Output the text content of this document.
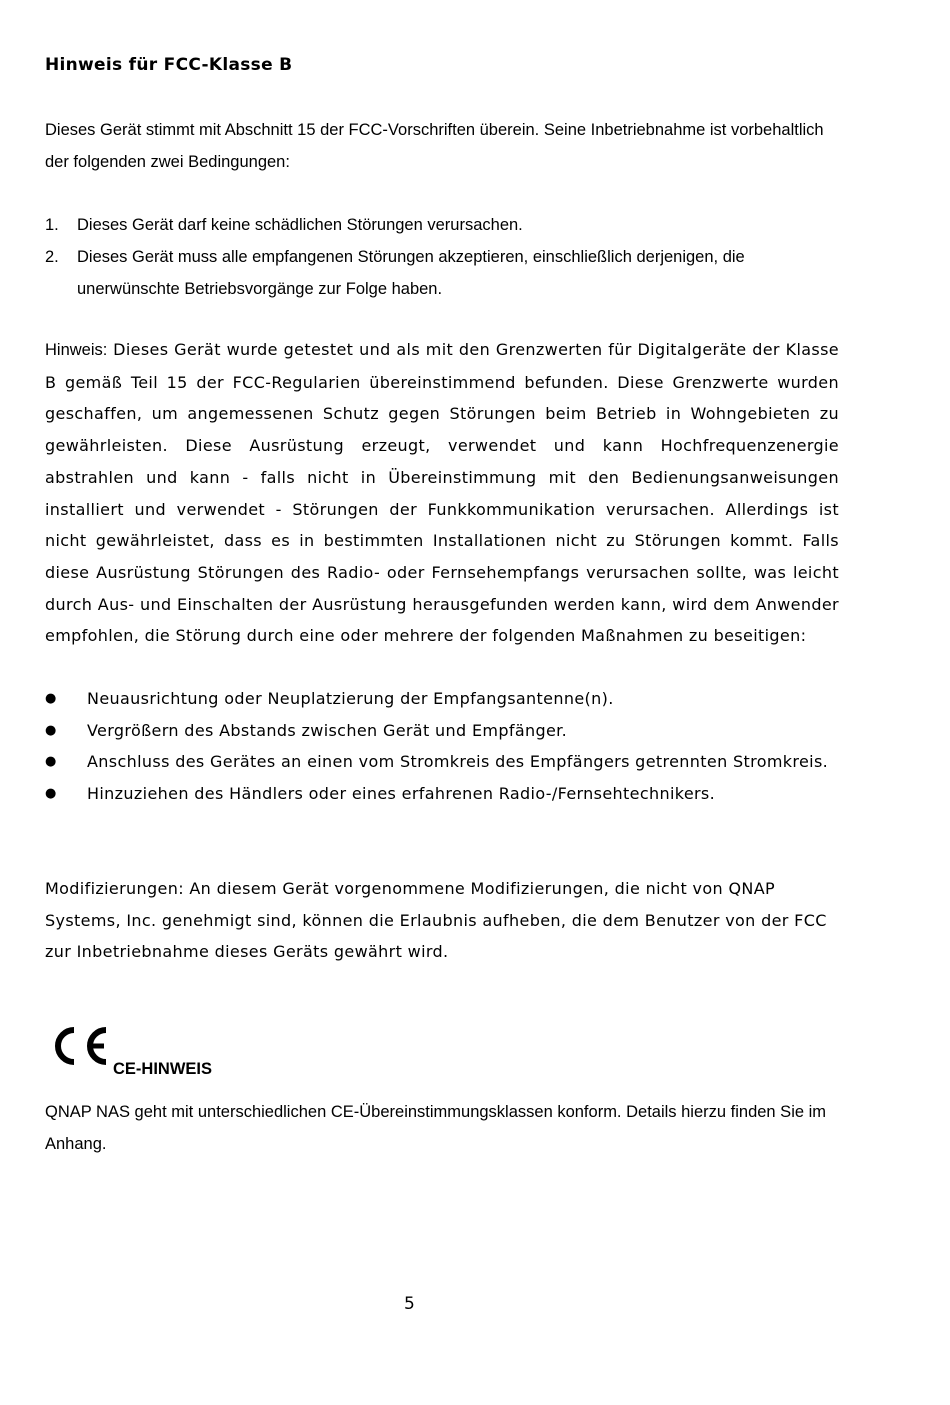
Hinweis für FCC-Klasse B

Dieses Gerät stimmt mit Abschnitt 15 der FCC-Vorschriften überein. Seine Inbetriebnahme ist vorbehaltlich der folgenden zwei Bedingungen:

1.	Dieses Gerät darf keine schädlichen Störungen verursachen.
2.	Dieses Gerät muss alle empfangenen Störungen akzeptieren, einschließlich derjenigen, die unerwünschte Betriebsvorgänge zur Folge haben.

Hinweis: Dieses Gerät wurde getestet und als mit den Grenzwerten für Digitalgeräte der Klasse B gemäß Teil 15 der FCC-Regularien übereinstimmend befunden. Diese Grenzwerte wurden geschaffen, um angemessenen Schutz gegen Störungen beim Betrieb in Wohngebieten zu gewährleisten. Diese Ausrüstung erzeugt, verwendet und kann Hochfrequenzenergie abstrahlen und kann - falls nicht in Übereinstimmung mit den Bedienungsanweisungen installiert und verwendet - Störungen der Funkkommunikation verursachen. Allerdings ist nicht gewährleistet, dass es in bestimmten Installationen nicht zu Störungen kommt. Falls diese Ausrüstung Störungen des Radio- oder Fernsehempfangs verursachen sollte, was leicht durch Aus- und Einschalten der Ausrüstung herausgefunden werden kann, wird dem Anwender empfohlen, die Störung durch eine oder mehrere der folgenden Maßnahmen zu beseitigen:

●	Neuausrichtung oder Neuplatzierung der Empfangsantenne(n).
●	Vergrößern des Abstands zwischen Gerät und Empfänger.
●	Anschluss des Gerätes an einen vom Stromkreis des Empfängers getrennten Stromkreis.
●	Hinzuziehen des Händlers oder eines erfahrenen Radio-/Fernsehtechnikers.

Modifizierungen: An diesem Gerät vorgenommene Modifizierungen, die nicht von QNAP Systems, Inc. genehmigt sind, können die Erlaubnis aufheben, die dem Benutzer von der FCC zur Inbetriebnahme dieses Geräts gewährt wird.

CE-HINWEIS

QNAP NAS geht mit unterschiedlichen CE-Übereinstimmungsklassen konform. Details hierzu finden Sie im Anhang.

5
